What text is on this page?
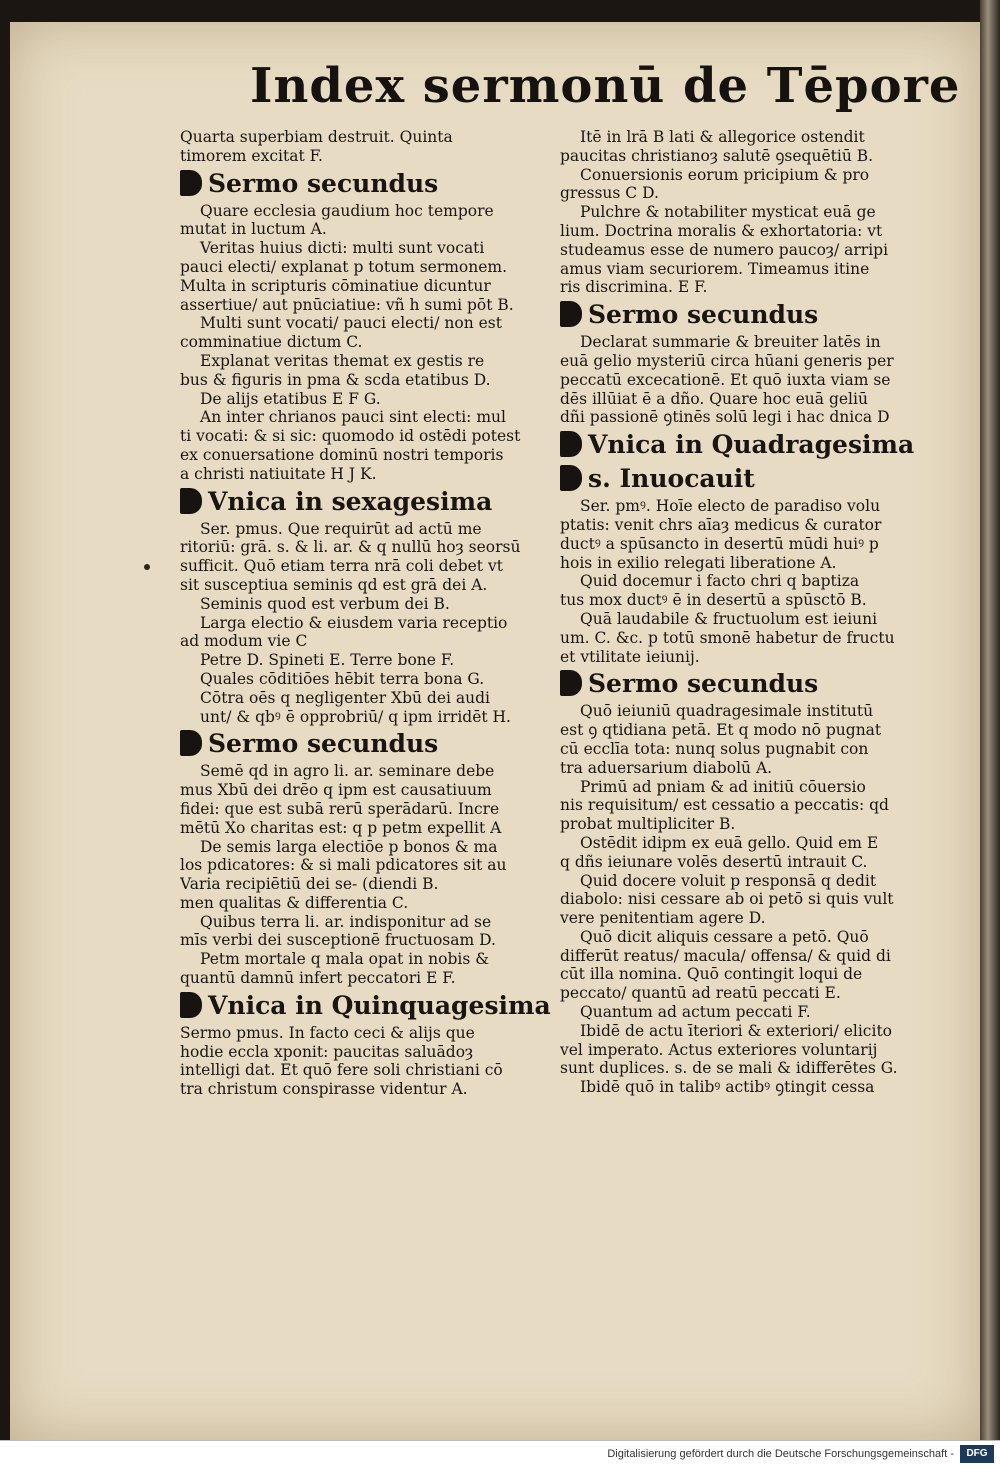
Index sermonū de Tēpore
Quarta superbiam destruit. Quinta
timorem excitat F.
Sermo secundus
Quare ecclesia gaudium hoc tempore
mutat in luctum A.
Veritas huius dicti: multi sunt vocati
pauci electi/ explanat p totum sermonem.
Multa in scripturis cōminatiue dicuntur
assertiue/ aut pnūciatiue: vñ h sumi pōt B.
Multi sunt vocati/ pauci electi/ non est
comminatiue dictum C.
Explanat veritas themat ex gestis re
bus & figuris in pma & scda etatibus D.
De alijs etatibus E F G.
An inter chrianos pauci sint electi: mul
ti vocati: & si sic: quomodo id ostēdi potest
ex conuersatione dominū nostri temporis
a christi natiuitate H J K.
Vnica in sexagesima
Ser. pmus. Que requirūt ad actū me
ritoriū: grā. s. & li. ar. & q nullū hoȝ seorsū
sufficit. Quō etiam terra nrā coli debet vt
sit susceptiua seminis qd est grā dei A.
Seminis quod est verbum dei B.
Larga electio & eiusdem varia receptio
ad modum vie C
Petre D. Spineti E. Terre bone F.
Quales cōditiōes hēbit terra bona G.
Cōtra oēs q negligenter Xbū dei audi
unt/ & qbꝰ ē opprobriū/ q ipm irridēt H.
Sermo secundus
Semē qd in agro li. ar. seminare debe
mus Xbū dei drēo q ipm est causatiuum
fidei: que est subā rerū sperādarū. Incre
mētū Xo charitas est: q p petm expellit A
De semis larga electiōe p bonos & ma
los pdicatores: & si mali pdicatores sit au
Varia recipiētiū dei se- (diendi B.
men qualitas & differentia C.
Quibus terra li. ar. indisponitur ad se
mīs verbi dei susceptionē fructuosam D.
Petm mortale q mala opat in nobis &
quantū damnū infert peccatori E F.
Vnica in Quinquagesima
Sermo pmus. In facto ceci & alijs que
hodie eccla xponit: paucitas saluādoȝ
intelligi dat. Et quō fere soli christiani cō
tra christum conspirasse videntur A.
Itē in lrā B lati & allegorice ostendit
paucitas christianoȝ salutē ꝯsequētiū B.
Conuersionis eorum pricipium & pro
gressus C D.
Pulchre & notabiliter mysticat euā ge
lium. Doctrina moralis & exhortatoria: vt
studeamus esse de numero paucoȝ/ arripi
amus viam securiorem. Timeamus itine
ris discrimina. E F.
Sermo secundus
Declarat summarie & breuiter latēs in
euā gelio mysteriū circa hūani generis per
peccatū excecationē. Et quō iuxta viam se
dēs illūiat ē a dño. Quare hoc euā geliū
dñi passionē ꝯtinēs solū legi i hac dnica D
Vnica in Quadragesima
s. Inuocauit
Ser. pmꝰ. Hoīe electo de paradiso volu
ptatis: venit chrs aīaȝ medicus & curator
ductꝰ a spūsancto in desertū mūdi huiꝰ p
hois in exilio relegati liberatione A.
Quid docemur i facto chri q baptiza
tus mox ductꝰ ē in desertū a spūsctō B.
Quā laudabile & fructuolum est ieiuni
um. C. &c. p totū smonē habetur de fructu
et vtilitate ieiunij.
Sermo secundus
Quō ieiuniū quadragesimale institutū
est ꝯ qtidiana petā. Et q modo nō pugnat
cū ecclīa tota: nunq solus pugnabit con
tra aduersarium diabolū A.
Primū ad pniam & ad initiū cōuersio
nis requisitum/ est cessatio a peccatis: qd
probat multipliciter B.
Ostēdit idipm ex euā gello. Quid em E
q dñs ieiunare volēs desertū intrauit C.
Quid docere voluit p responsā q dedit
diabolo: nisi cessare ab oi petō si quis vult
vere penitentiam agere D.
Quō dicit aliquis cessare a petō. Quō
differūt reatus/ macula/ offensa/ & quid di
cūt illa nomina. Quō contingit loqui de
peccato/ quantū ad reatū peccati E.
Quantum ad actum peccati F.
Ibidē de actu īteriori & exteriori/ elicito
vel imperato. Actus exteriores voluntarij
sunt duplices. s. de se mali & idifferētes G.
Ibidē quō in talibꝰ actibꝰ ꝯtingit cessa
Digitalisierung gefördert durch die Deutsche Forschungsgemeinschaft -	DFG
